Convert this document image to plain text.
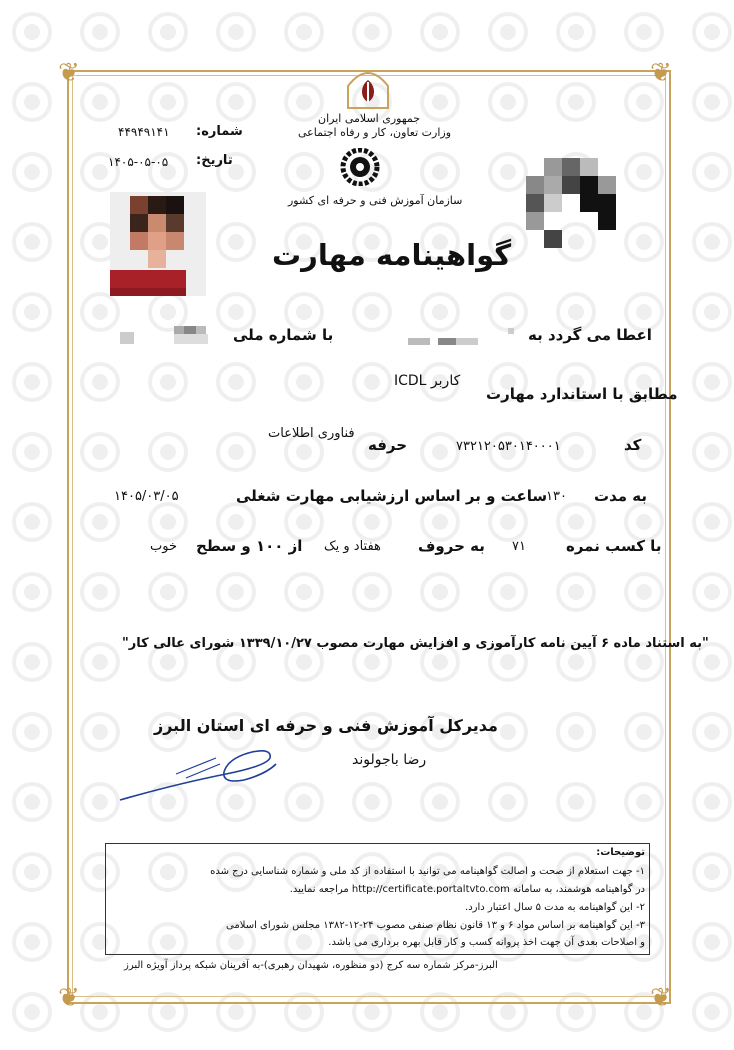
❦	❦
❦	❦
جمهوری اسلامی ایران
وزارت تعاون، کار و رفاه اجتماعی
سازمان آموزش فنی و حرفه ای کشور
شماره:
۴۴۹۴۹۱۴۱
تاریخ:
۱۴۰۵-۰۵-۰۵
گواهینامه مهارت
اعطا می گردد به
با شماره ملی
مطابق با استاندارد مهارت
کاربر ICDL
کد
۷۳۲۱۲۰۵۳۰۱۴۰۰۰۱
حرفه
فناوری اطلاعات
به مدت
۱۳۰
ساعت و بر اساس ارزشیابی مهارت شغلی
۱۴۰۵/۰۳/۰۵
با کسب نمره
۷۱
به حروف
هفتاد و یک
از ۱۰۰ و سطح
خوب
"به استناد ماده ۶ آیین نامه کارآموزی و افزایش مهارت مصوب ۱۳۳۹/۱۰/۲۷ شورای عالی کار"
مدیرکل آموزش فنی و حرفه ای استان البرز
رضا باجولوند
توضیحات:
۱- جهت استعلام از صحت و اصالت گواهینامه می توانید با استفاده از کد ملی و شماره شناسایی درج شده
در گواهینامه هوشمند، به سامانه http://certificate.portaltvto.com مراجعه نمایید.
۲- این گواهینامه به مدت ۵ سال اعتبار دارد.
۳- این گواهینامه بر اساس مواد ۶ و ۱۳ قانون نظام صنفی مصوب ۲۴-۱۲-۱۳۸۲ مجلس شورای اسلامی
و اصلاحات بعدی آن جهت اخذ پروانه کسب و کار قابل بهره برداری می باشد.
البرز-مرکز شماره سه کرج (دو منظوره، شهیدان رهبری)-به آفرینان شبکه پرداز آویژه البرز
